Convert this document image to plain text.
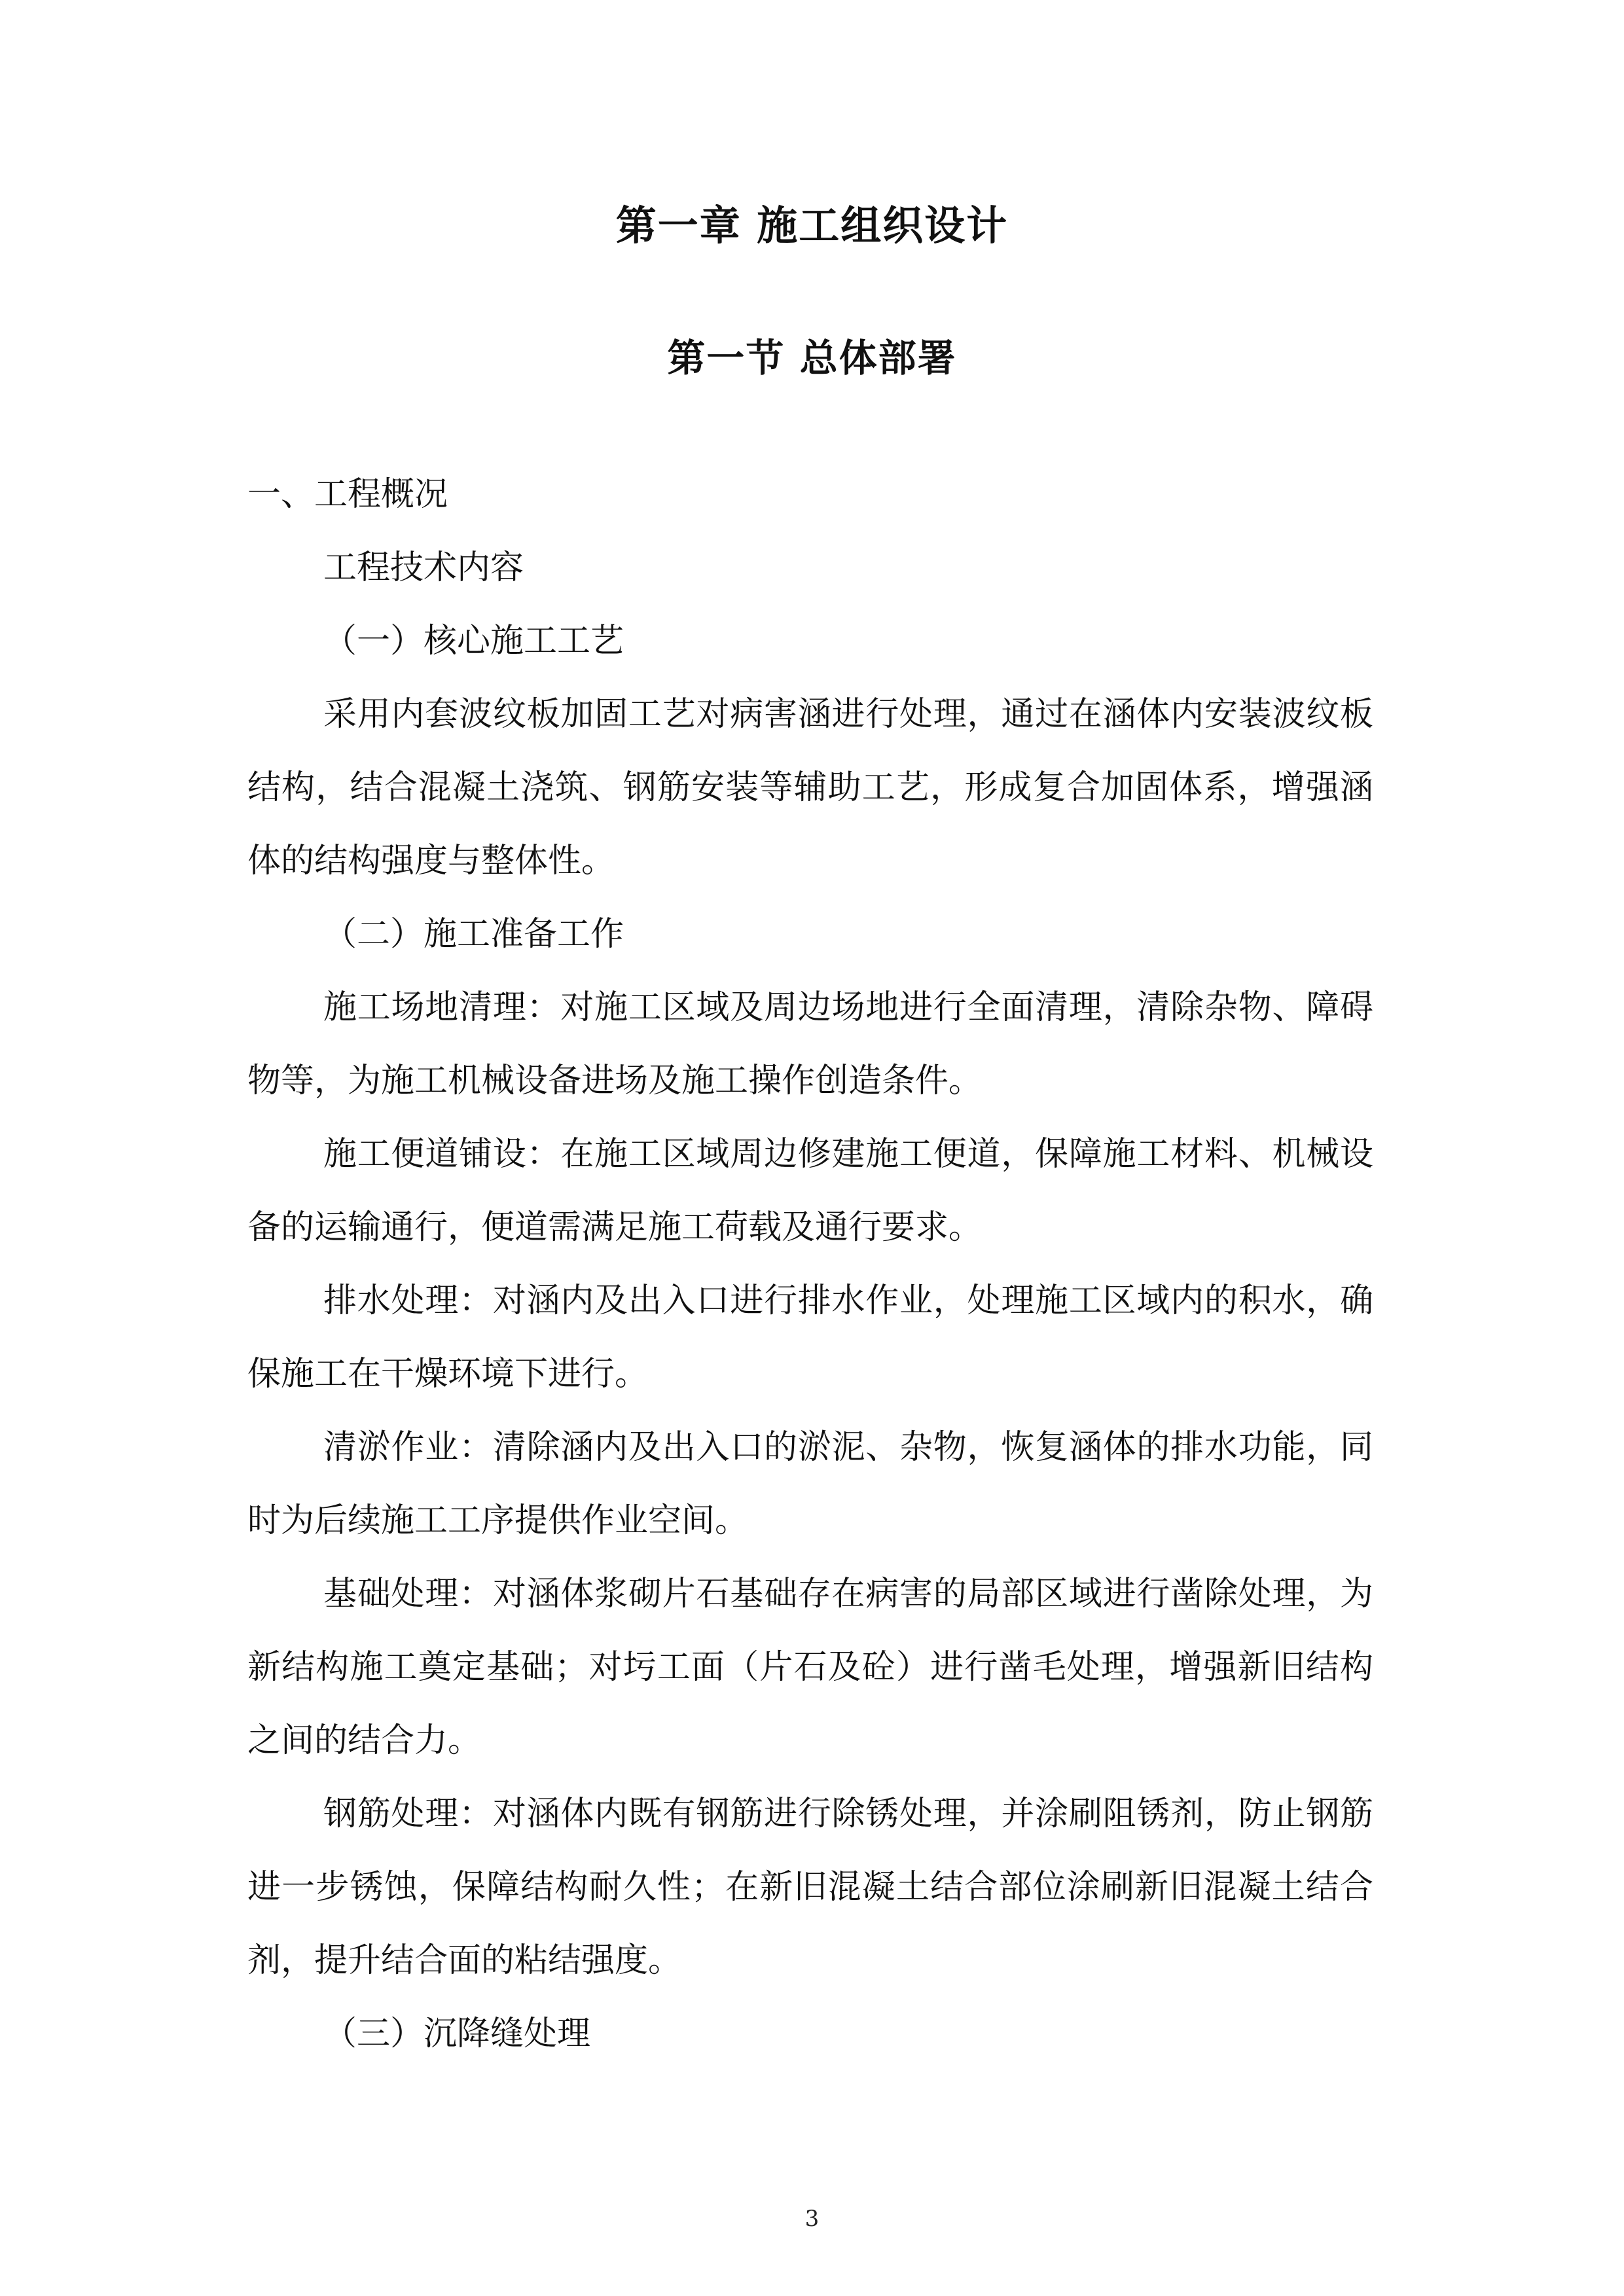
第一章 施工组织设计
第一节 总体部署

一、工程概况

工程技术内容

（一）核心施工工艺

采用内套波纹板加固工艺对病害涵进行处理，通过在涵体内安装波纹板结构，结合混凝土浇筑、钢筋安装等辅助工艺，形成复合加固体系，增强涵体的结构强度与整体性。

（二）施工准备工作

施工场地清理：对施工区域及周边场地进行全面清理，清除杂物、障碍物等，为施工机械设备进场及施工操作创造条件。

施工便道铺设：在施工区域周边修建施工便道，保障施工材料、机械设备的运输通行，便道需满足施工荷载及通行要求。

排水处理：对涵内及出入口进行排水作业，处理施工区域内的积水，确保施工在干燥环境下进行。

清淤作业：清除涵内及出入口的淤泥、杂物，恢复涵体的排水功能，同时为后续施工工序提供作业空间。

基础处理：对涵体浆砌片石基础存在病害的局部区域进行凿除处理，为新结构施工奠定基础；对圬工面（片石及砼）进行凿毛处理，增强新旧结构之间的结合力。

钢筋处理：对涵体内既有钢筋进行除锈处理，并涂刷阻锈剂，防止钢筋进一步锈蚀，保障结构耐久性；在新旧混凝土结合部位涂刷新旧混凝土结合剂，提升结合面的粘结强度。

（三）沉降缝处理

3
